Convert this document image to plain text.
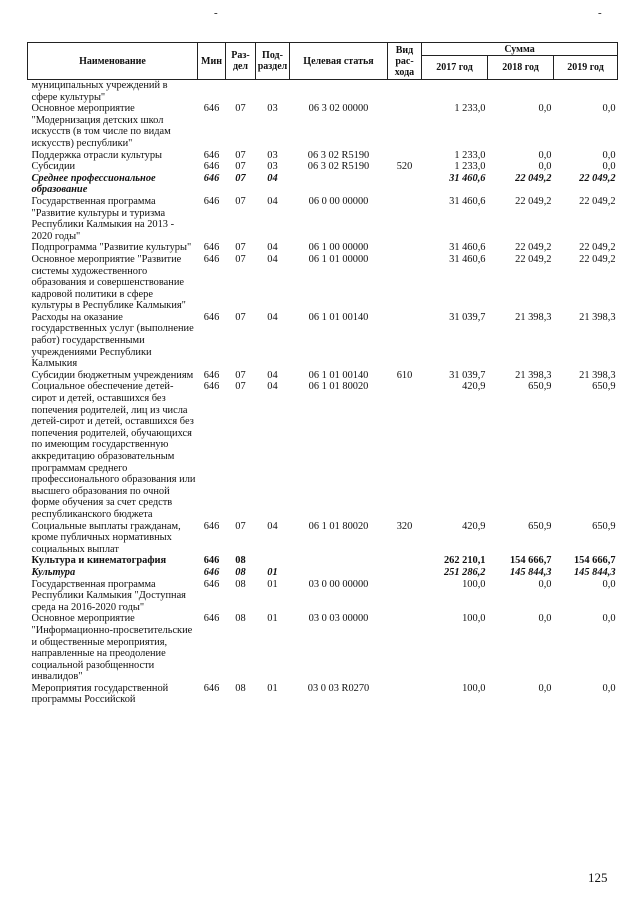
-	-
Наименование	Мин	Раз-дел	Под-раздел	Целевая статья	Вид рас-хода	Сумма		
						2017 год	2018 год	2019 год
муниципальных учреждений в сфере культуры"								
Основное мероприятие "Модернизация детских школ искусств (в том числе по видам искусств) республики"	646	07	03	06 3 02 00000		1 233,0	0,0	0,0
Поддержка отрасли культуры	646	07	03	06 3 02 R5190		1 233,0	0,0	0,0
Субсидии	646	07	03	06 3 02 R5190	520	1 233,0	0,0	0,0
Среднее профессиональное образование	646	07	04			31 460,6	22 049,2	22 049,2
Государственная программа "Развитие культуры и туризма Республики Калмыкия на 2013 - 2020 годы"	646	07	04	06 0 00 00000		31 460,6	22 049,2	22 049,2
Подпрограмма "Развитие культуры"	646	07	04	06 1 00 00000		31 460,6	22 049,2	22 049,2
Основное мероприятие "Развитие системы художественного образования и совершенствование кадровой политики в сфере культуры в Республике Калмыкия"	646	07	04	06 1 01 00000		31 460,6	22 049,2	22 049,2
Расходы на оказание государственных услуг (выполнение работ) государственными учреждениями Республики Калмыкия	646	07	04	06 1 01 00140		31 039,7	21 398,3	21 398,3
Субсидии бюджетным учреждениям	646	07	04	06 1 01 00140	610	31 039,7	21 398,3	21 398,3
Социальное обеспечение детей-сирот и детей, оставшихся без попечения родителей, лиц из числа детей-сирот и детей, оставшихся без попечения родителей, обучающихся по имеющим государственную аккредитацию образовательным программам среднего профессионального образования или высшего образования по очной форме обучения за счет средств республиканского бюджета	646	07	04	06 1 01 80020		420,9	650,9	650,9
Социальные выплаты гражданам, кроме публичных нормативных социальных выплат	646	07	04	06 1 01 80020	320	420,9	650,9	650,9
Культура и кинематография	646	08				262 210,1	154 666,7	154 666,7
Культура	646	08	01			251 286,2	145 844,3	145 844,3
Государственная программа Республики Калмыкия "Доступная среда на 2016-2020 годы"	646	08	01	03 0 00 00000		100,0	0,0	0,0
Основное мероприятие "Информационно-просветительские и общественные мероприятия, направленные на преодоление социальной разобщенности инвалидов"	646	08	01	03 0 03 00000		100,0	0,0	0,0
Мероприятия государственной программы Российской	646	08	01	03 0 03 R0270		100,0	0,0	0,0
125
